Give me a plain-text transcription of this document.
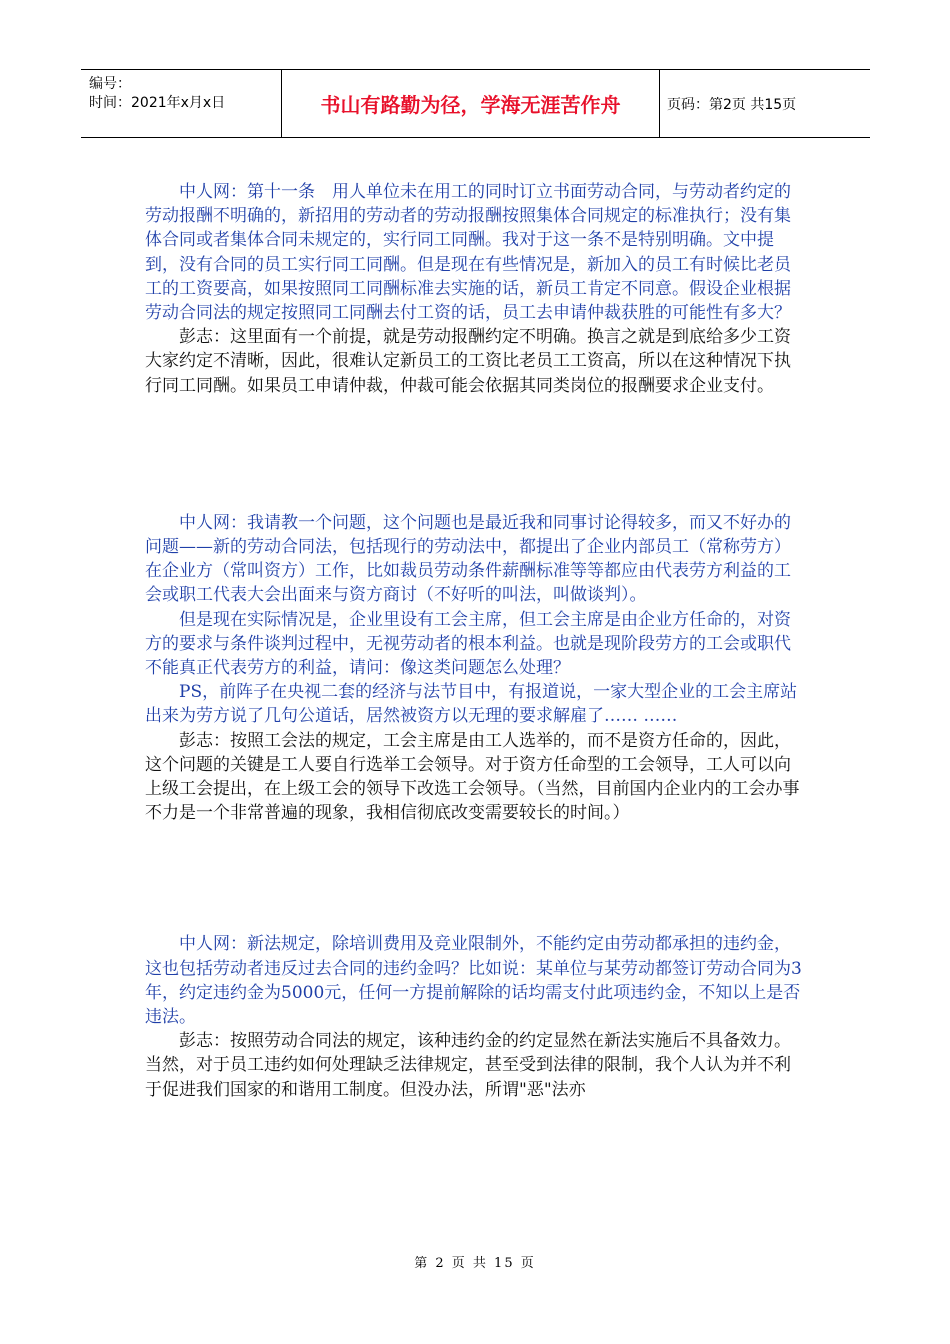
编号：
时间：2021年x月x日	书山有路勤为径，学海无涯苦作舟	页码：第2页 共15页

中人网：第十一条　用人单位未在用工的同时订立书面劳动合同，与劳动者约定的劳动报酬不明确的，新招用的劳动者的劳动报酬按照集体合同规定的标准执行；没有集体合同或者集体合同未规定的，实行同工同酬。我对于这一条不是特别明确。文中提到，没有合同的员工实行同工同酬。但是现在有些情况是，新加入的员工有时候比老员工的工资要高，如果按照同工同酬标准去实施的话，新员工肯定不同意。假设企业根据劳动合同法的规定按照同工同酬去付工资的话，员工去申请仲裁获胜的可能性有多大？

彭志：这里面有一个前提，就是劳动报酬约定不明确。换言之就是到底给多少工资大家约定不清晰，因此，很难认定新员工的工资比老员工工资高，所以在这种情况下执行同工同酬。如果员工申请仲裁，仲裁可能会依据其同类岗位的报酬要求企业支付。

中人网：我请教一个问题，这个问题也是最近我和同事讨论得较多，而又不好办的问题——新的劳动合同法，包括现行的劳动法中，都提出了企业内部员工（常称劳方）在企业方（常叫资方）工作，比如裁员劳动条件薪酬标准等等都应由代表劳方利益的工会或职工代表大会出面来与资方商讨（不好听的叫法，叫做谈判）。

但是现在实际情况是，企业里设有工会主席，但工会主席是由企业方任命的，对资方的要求与条件谈判过程中，无视劳动者的根本利益。也就是现阶段劳方的工会或职代不能真正代表劳方的利益，请问：像这类问题怎么处理？

PS，前阵子在央视二套的经济与法节目中，有报道说，一家大型企业的工会主席站出来为劳方说了几句公道话，居然被资方以无理的要求解雇了…… ……

彭志：按照工会法的规定，工会主席是由工人选举的，而不是资方任命的，因此，这个问题的关键是工人要自行选举工会领导。对于资方任命型的工会领导，工人可以向上级工会提出，在上级工会的领导下改选工会领导。（当然，目前国内企业内的工会办事不力是一个非常普遍的现象，我相信彻底改变需要较长的时间。）

中人网：新法规定，除培训费用及竞业限制外，不能约定由劳动都承担的违约金，这也包括劳动者违反过去合同的违约金吗？比如说：某单位与某劳动都签订劳动合同为3年，约定违约金为5000元，任何一方提前解除的话均需支付此项违约金，不知以上是否违法。

彭志：按照劳动合同法的规定，该种违约金的约定显然在新法实施后不具备效力。当然，对于员工违约如何处理缺乏法律规定，甚至受到法律的限制，我个人认为并不利于促进我们国家的和谐用工制度。但没办法，所谓"恶"法亦

第 2 页 共 15 页
